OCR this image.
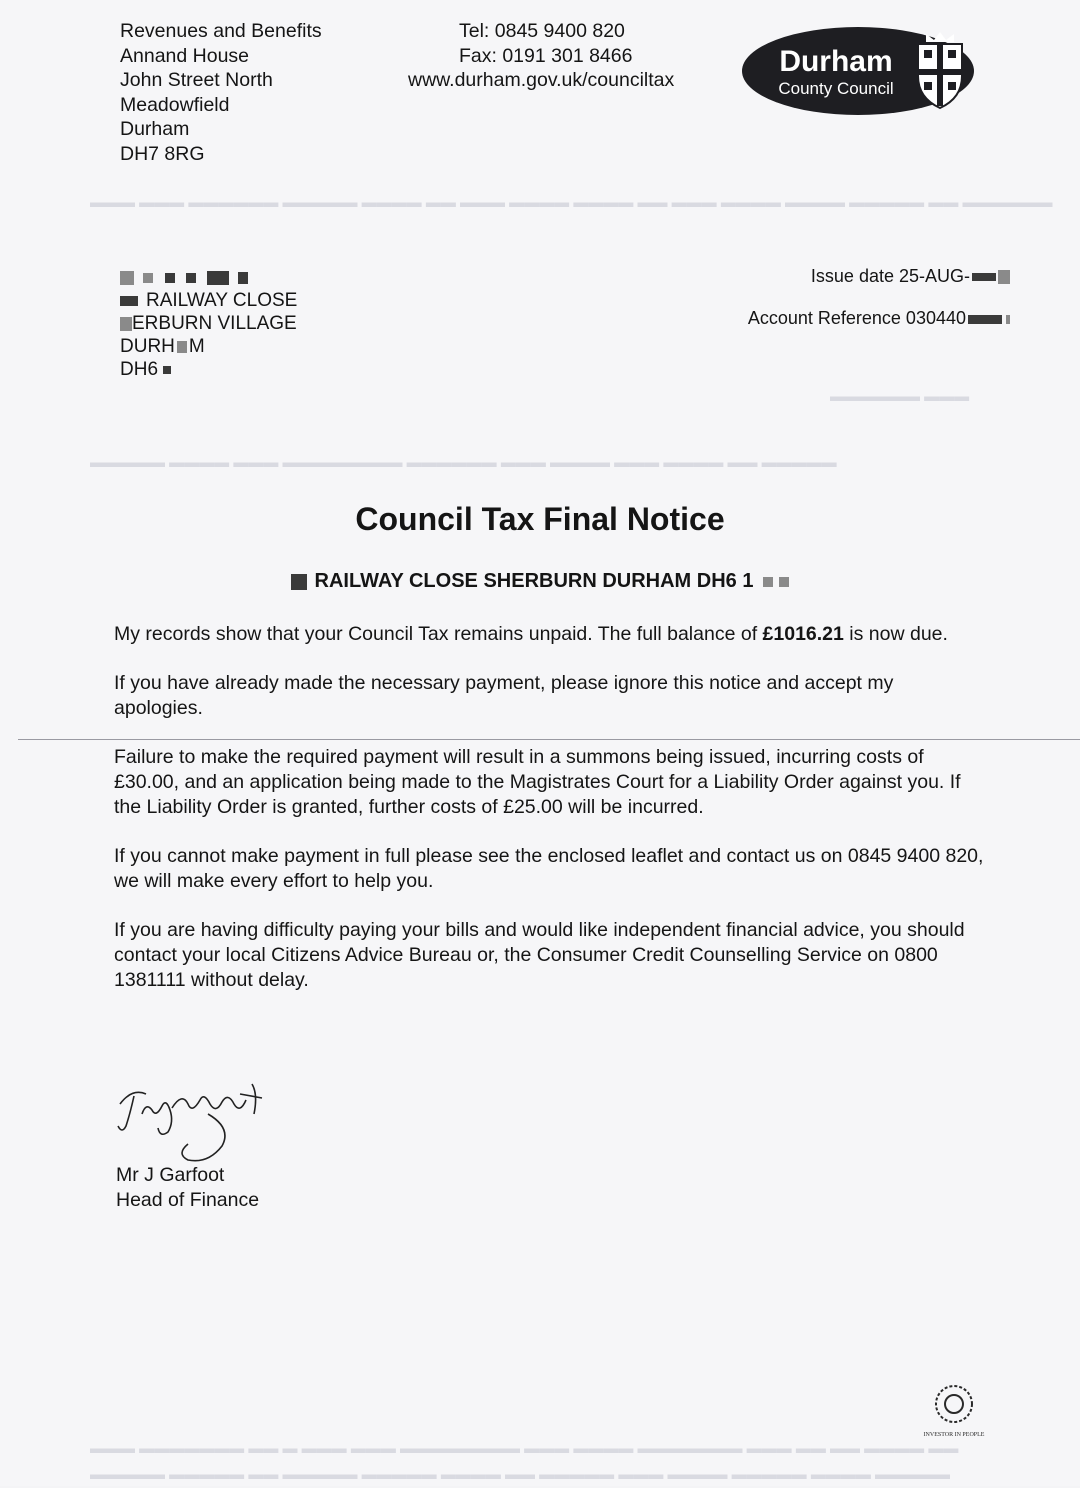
▬▬▬ ▬▬▬ ▬▬▬▬▬▬ ▬▬▬▬▬ ▬▬▬▬ ▬▬ ▬▬▬ ▬▬▬▬ ▬▬▬▬ ▬▬ ▬▬▬ ▬▬▬▬ ▬▬▬▬ ▬▬▬▬▬ ▬▬ ▬▬▬▬▬▬
▬▬▬▬▬▬ ▬▬▬
▬▬▬▬▬ ▬▬▬▬ ▬▬▬ ▬▬▬▬▬▬▬▬ ▬▬▬▬▬▬ ▬▬▬ ▬▬▬▬ ▬▬▬ ▬▬▬▬ ▬▬ ▬▬▬▬▬
▬▬▬ ▬▬▬▬▬▬▬ ▬▬ ▬ ▬▬▬ ▬▬▬ ▬▬▬▬▬▬▬▬ ▬▬▬ ▬▬▬▬ ▬▬▬▬▬▬▬ ▬▬▬ ▬▬ ▬▬ ▬▬▬▬ ▬▬
▬▬▬▬▬ ▬▬▬▬▬ ▬▬ ▬▬▬▬▬ ▬▬▬▬▬ ▬▬▬▬ ▬▬ ▬▬▬▬▬ ▬▬▬ ▬▬▬▬ ▬▬▬▬▬ ▬▬▬▬ ▬▬▬▬▬
Revenues and Benefits
Annand House
John Street North
Meadowfield
Durham
DH7 8RG
Tel: 0845 9400 820
Fax: 0191 301 8466
www.durham.gov.uk/counciltax
Durham
County Council

RAILWAY CLOSE
ERBURN VILLAGE
DURH M
DH6
Issue date 25-AUG-
Account Reference 030440
Council Tax Final Notice
RAILWAY CLOSE SHERBURN DURHAM DH6 1

My records show that your Council Tax remains unpaid. The full balance of £1016.21 is now due.

If you have already made the necessary payment, please ignore this notice and accept my apologies.

Failure to make the required payment will result in a summons being issued, incurring costs of £30.00, and an application being made to the Magistrates Court for a Liability Order against you. If the Liability Order is granted, further costs of £25.00 will be incurred.

If you cannot make payment in full please see the enclosed leaflet and contact us on 0845 9400 820, we will make every effort to help you.

If you are having difficulty paying your bills and would like independent financial advice, you should contact your local Citizens Advice Bureau or, the Consumer Credit Counselling Service on 0800 1381111 without delay.

Mr J Garfoot
Head of Finance
INVESTOR IN PEOPLE
